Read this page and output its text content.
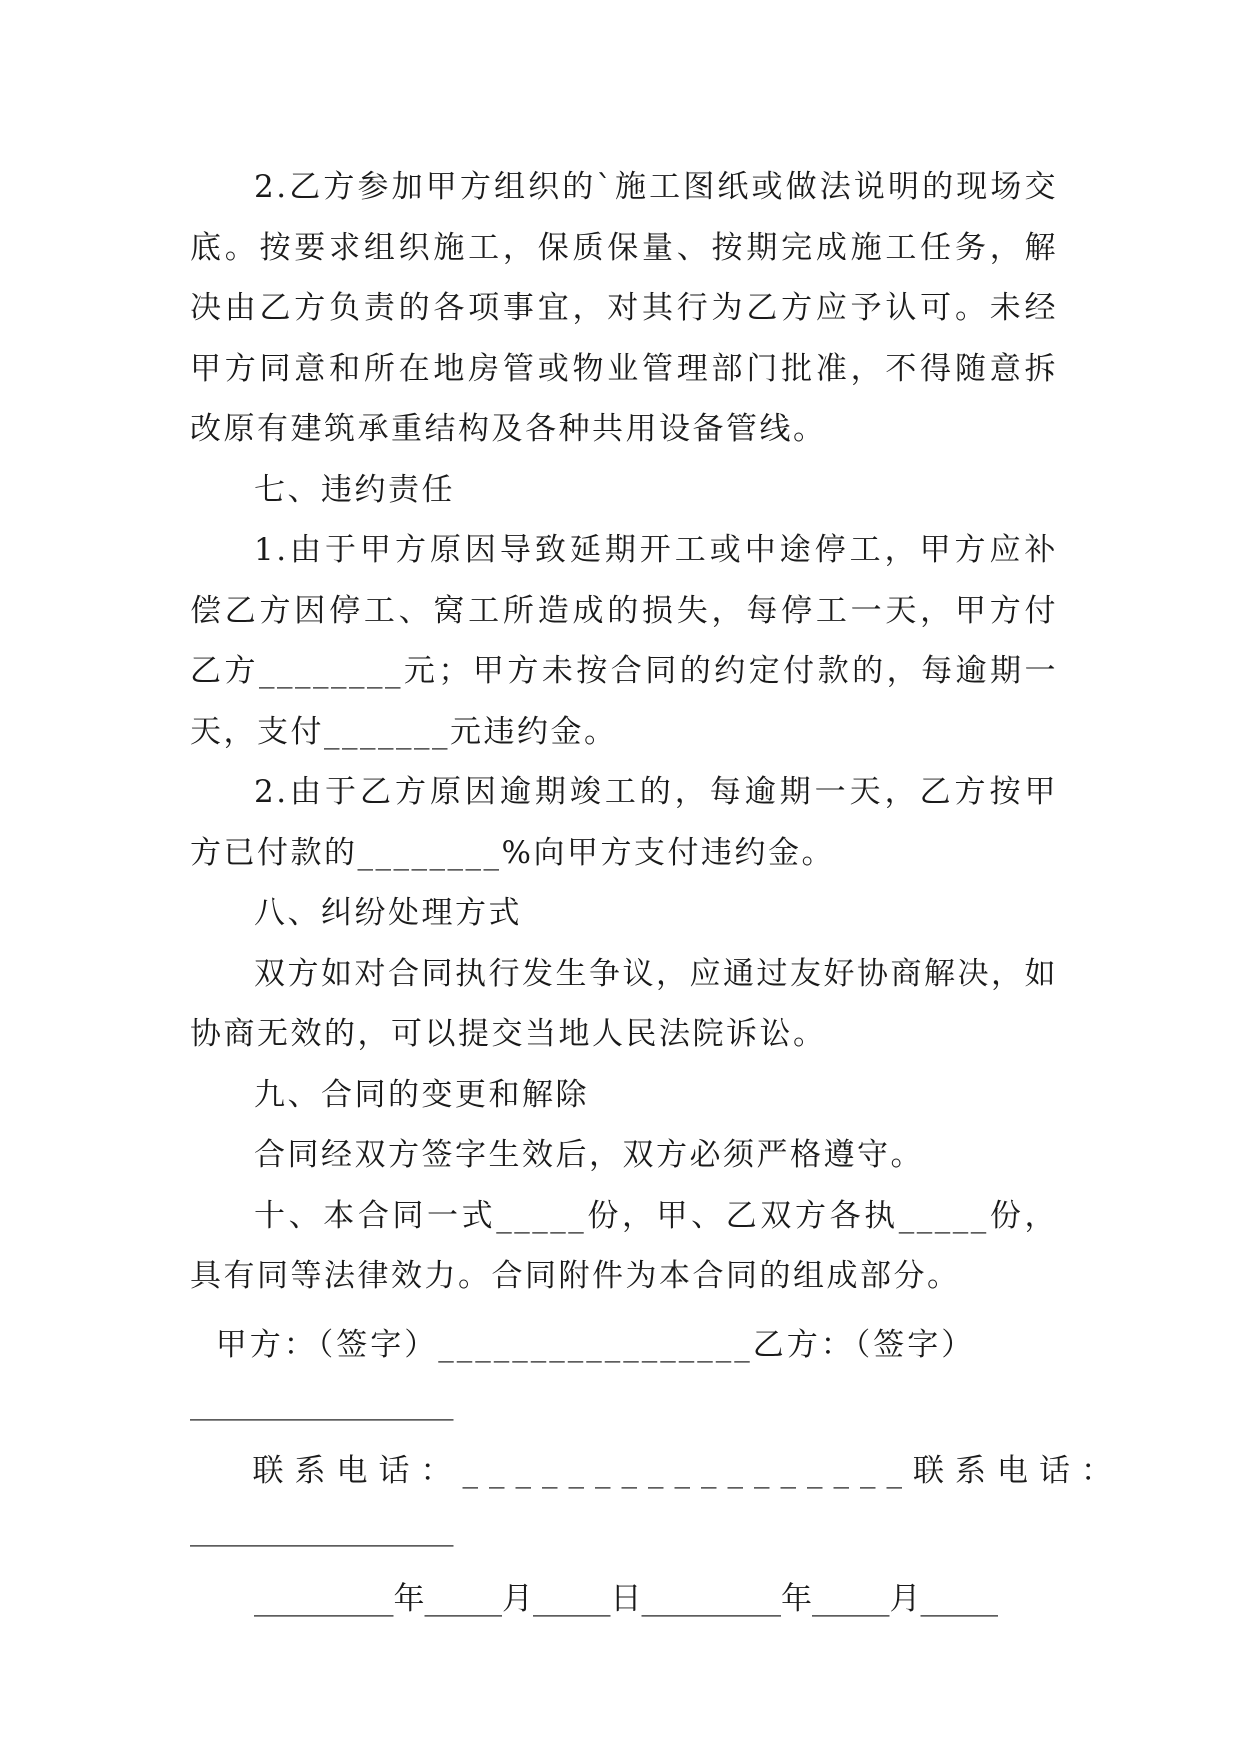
2.乙方参加甲方组织的`施工图纸或做法说明的现场交底。按要求组织施工，保质保量、按期完成施工任务，解决由乙方负责的各项事宜，对其行为乙方应予认可。未经甲方同意和所在地房管或物业管理部门批准，不得随意拆改原有建筑承重结构及各种共用设备管线。

七、违约责任

1.由于甲方原因导致延期开工或中途停工，甲方应补偿乙方因停工、窝工所造成的损失，每停工一天，甲方付乙方________元；甲方未按合同的约定付款的，每逾期一天，支付_______元违约金。

2.由于乙方原因逾期竣工的，每逾期一天，乙方按甲方已付款的________%向甲方支付违约金。

八、纠纷处理方式

双方如对合同执行发生争议，应通过友好协商解决，如协商无效的，可以提交当地人民法院诉讼。

九、合同的变更和解除

合同经双方签字生效后，双方必须严格遵守。

十、本合同一式_____份，甲、乙双方各执_____份，具有同等法律效力。合同附件为本合同的组成部分。

甲方：（签字）_________________乙方：（签字）
_________________
联系电话：_________________联系电话：
_________________
_________年_____月_____日_________年_____月_____
